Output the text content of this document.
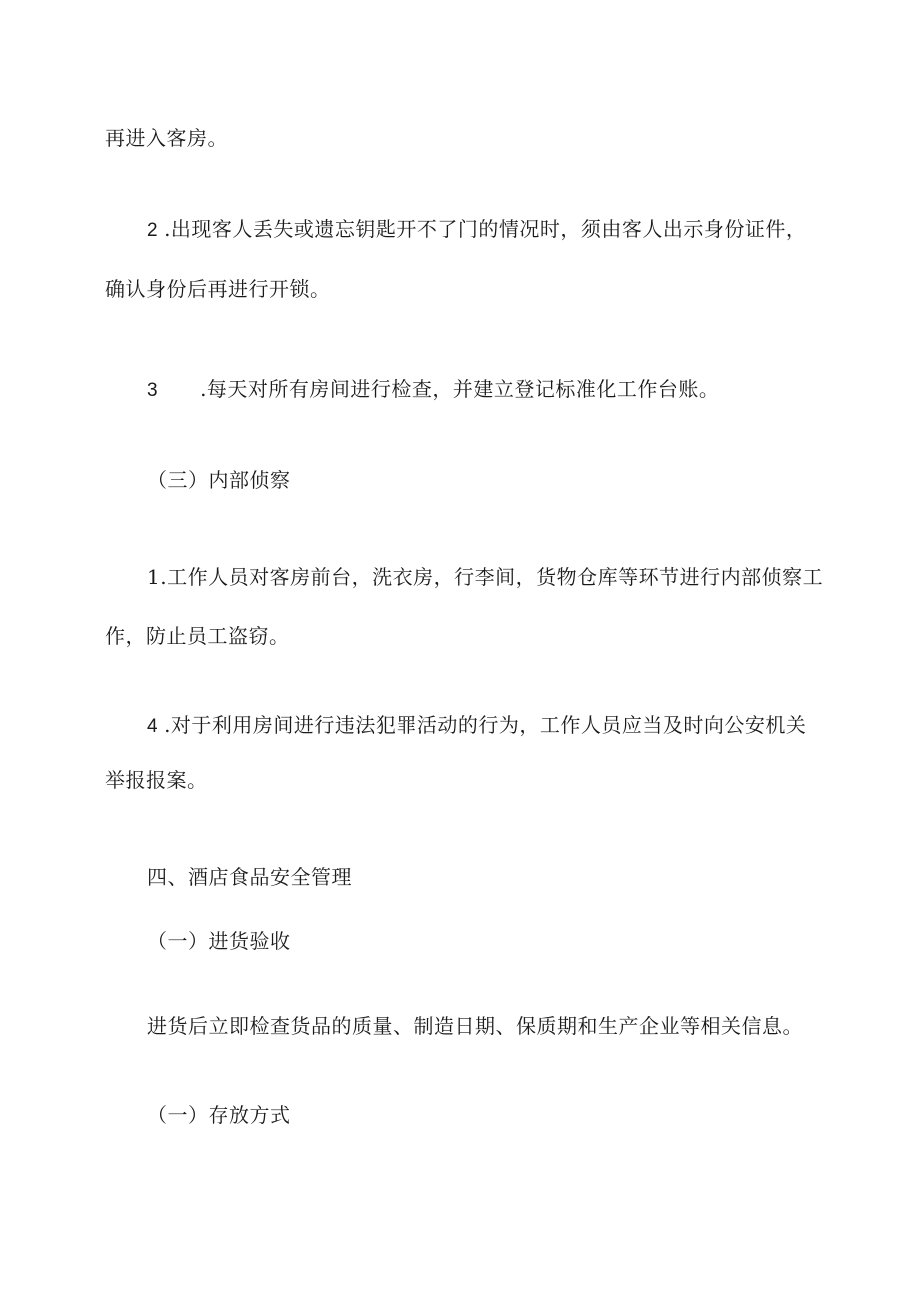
再进入客房。
2 .出现客人丢失或遗忘钥匙开不了门的情况时，须由客人出示身份证件，
确认身份后再进行开锁。
3 .每天对所有房间进行检查，并建立登记标准化工作台账。
（三）内部侦察
1.工作人员对客房前台，洗衣房，行李间，货物仓库等环节进行内部侦察工
作，防止员工盗窃。
4 .对于利用房间进行违法犯罪活动的行为，工作人员应当及时向公安机关
举报报案。
四、酒店食品安全管理
（一）进货验收
进货后立即检查货品的质量、制造日期、保质期和生产企业等相关信息。
（一）存放方式
